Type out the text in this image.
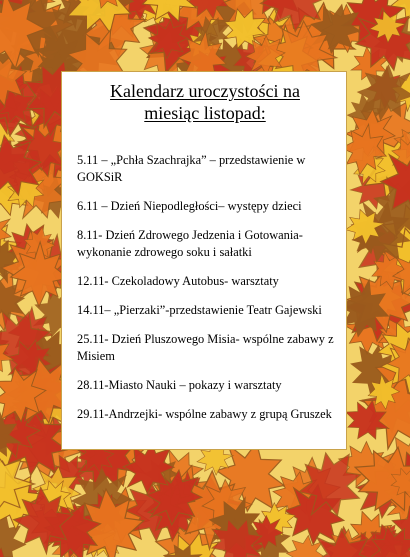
Kalendarz uroczystości na
miesiąc listopad:
5.11 – „Pchła Szachrajka” – przedstawienie w GOKSiR
6.11 – Dzień Niepodległości– występy dzieci
8.11- Dzień Zdrowego Jedzenia i Gotowania- wykonanie zdrowego soku i sałatki
12.11- Czekoladowy Autobus- warsztaty
14.11– „Pierzaki”-przedstawienie Teatr Gajewski
25.11- Dzień Pluszowego Misia- wspólne zabawy z Misiem
28.11-Miasto Nauki – pokazy i warsztaty
29.11-Andrzejki- wspólne zabawy z grupą Gruszek
